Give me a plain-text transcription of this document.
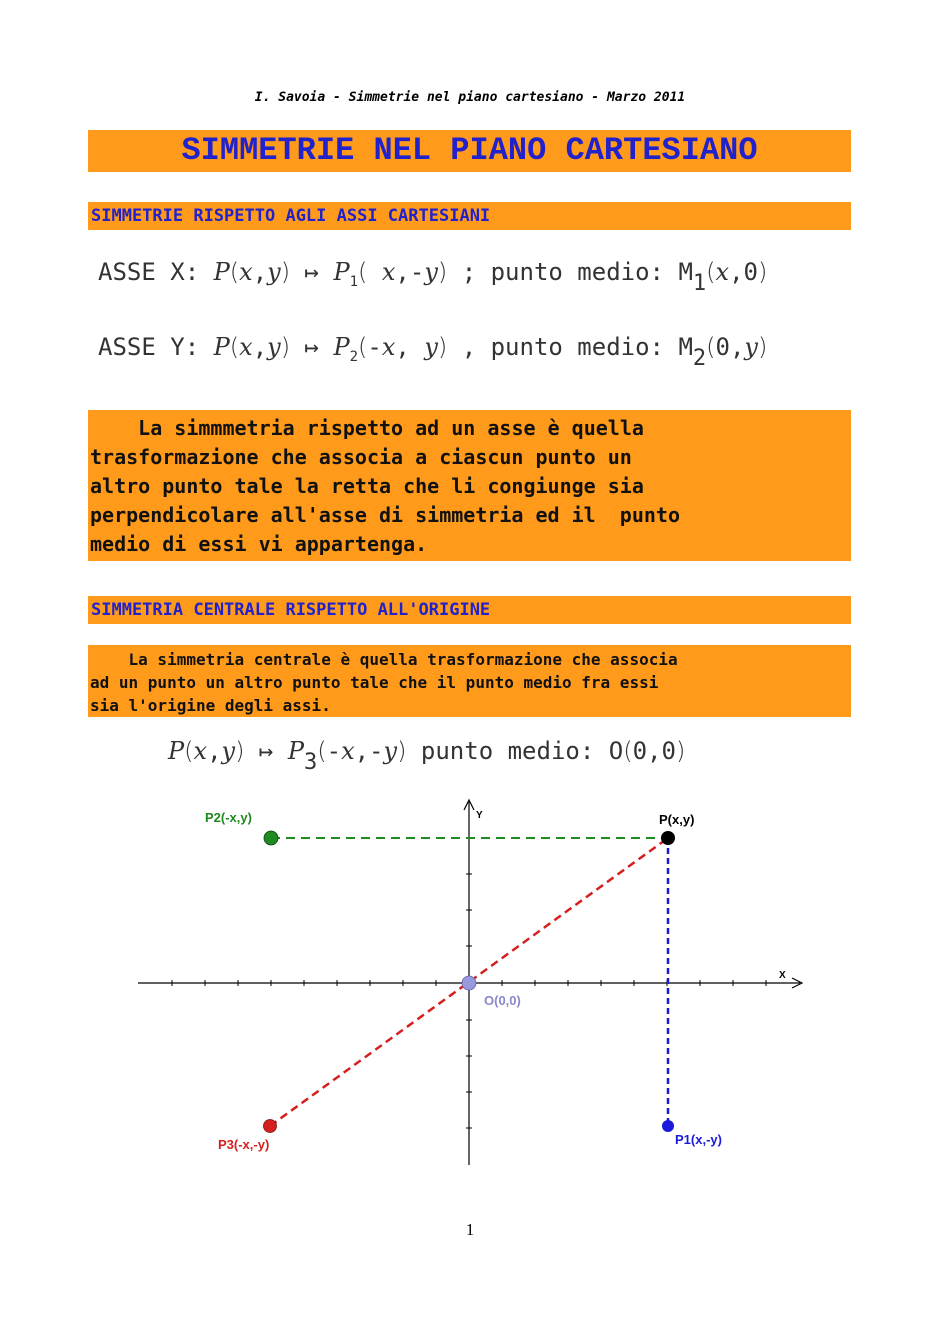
I. Savoia - Simmetrie nel piano cartesiano - Marzo 2011
SIMMETRIE NEL PIANO CARTESIANO
SIMMETRIE RISPETTO AGLI ASSI CARTESIANI
ASSE X: P(x,y) ↦ $P_1$( x,-y) ; punto medio: M1(x,0)
ASSE Y: P(x,y) ↦ $P_2(-x$, y) , punto medio: M2(0,y)
La simmmetria rispetto ad un asse è quella
trasformazione che associa a ciascun punto un
altro punto tale la retta che li congiunge sia
perpendicolare all'asse di simmetria ed il  punto
medio di essi vi appartenga.
SIMMETRIA CENTRALE RISPETTO ALL'ORIGINE
La simmetria centrale è quella trasformazione che associa
ad un punto un altro punto tale che il punto medio fra essi
sia l'origine degli assi.
P(x,y) ↦ P3(-x,-y) punto medio: O(0,0)
X
Y	P(x,y)
P2(-x,y)
P1(x,-y)
P3(-x,-y)
O(0,0)
1
